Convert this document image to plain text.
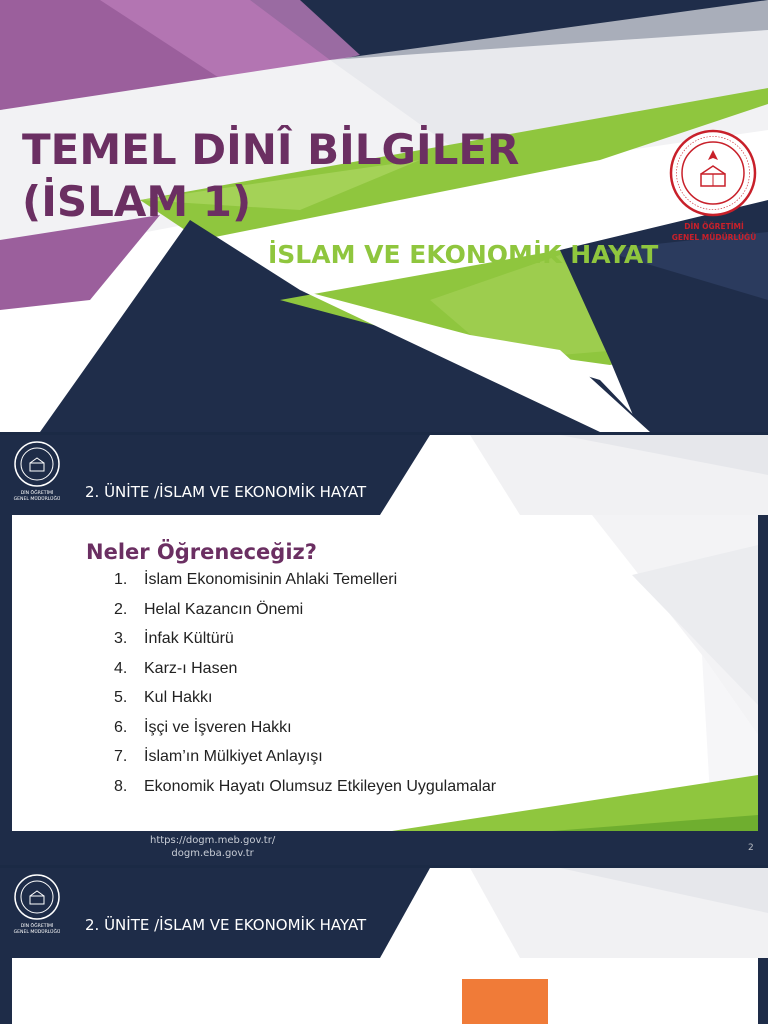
TEMEL DİNÎ BİLGİLER
(İSLAM 1)
İSLAM VE EKONOMİK HAYAT
DİN ÖĞRETİMİ
GENEL MÜDÜRLÜĞÜ
DİN ÖĞRETİMİ
GENEL MÜDÜRLÜĞÜ	2. ÜNİTE /İSLAM VE EKONOMİK HAYAT
Neler Öğreneceğiz?
1. İslam Ekonomisinin Ahlaki Temelleri
2. Helal Kazancın Önemi
3. İnfak Kültürü
4. Karz-ı Hasen
5. Kul Hakkı
6. İşçi ve İşveren Hakkı
7. İslam’ın Mülkiyet Anlayışı
8. Ekonomik Hayatı Olumsuz Etkileyen Uygulamalar
https://dogm.meb.gov.tr/
dogm.eba.gov.tr	2
DİN ÖĞRETİMİ
GENEL MÜDÜRLÜĞÜ	2. ÜNİTE /İSLAM VE EKONOMİK HAYAT
